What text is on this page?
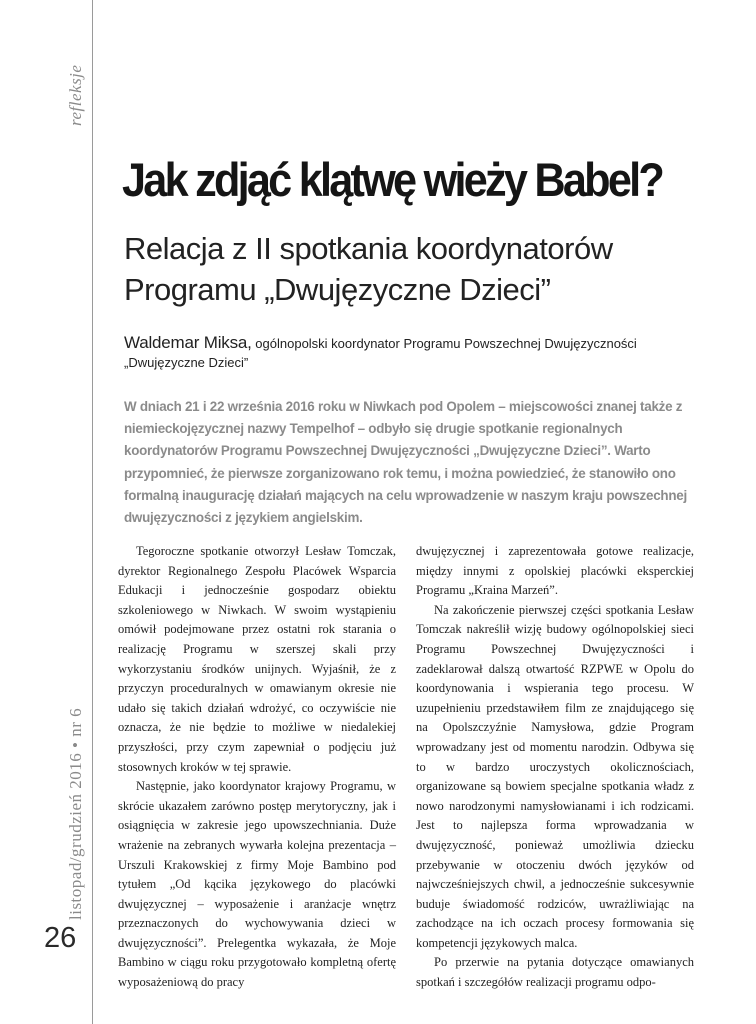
refleksje
listopad/grudzień 2016 • nr 6
26
Jak zdjąć klątwę wieży Babel?
Relacja z II spotkania koordynatorów
Programu „Dwujęzyczne Dzieci”
Waldemar Miksa, ogólnopolski koordynator Programu Powszechnej Dwujęzyczności
„Dwujęzyczne Dzieci”
W dniach 21 i 22 września 2016 roku w Niwkach pod Opolem – miejscowości znanej także z niemieckojęzycznej nazwy Tempelhof – odbyło się drugie spotkanie regionalnych koordynatorów Programu Powszechnej Dwujęzyczności „Dwujęzyczne Dzieci”. Warto przypomnieć, że pierwsze zorganizowano rok temu, i można powiedzieć, że stanowiło ono formalną inaugurację działań mających na celu wprowadzenie w naszym kraju powszechnej dwujęzyczności z językiem angielskim.

Tegoroczne spotkanie otworzył Lesław Tomczak, dyrektor Regionalnego Zespołu Placówek Wsparcia Edukacji i jednocześnie gospodarz obiektu szkoleniowego w Niwkach. W swoim wystąpieniu omówił podejmowane przez ostatni rok starania o realizację Programu w szerszej skali przy wykorzystaniu środków unijnych. Wyjaśnił, że z przyczyn proceduralnych w omawianym okresie nie udało się takich działań wdrożyć, co oczywiście nie oznacza, że nie będzie to możliwe w niedalekiej przyszłości, przy czym zapewniał o podjęciu już stosownych kroków w tej sprawie.

Następnie, jako koordynator krajowy Programu, w skrócie ukazałem zarówno postęp merytoryczny, jak i osiągnięcia w zakresie jego upowszechniania. Duże wrażenie na zebranych wywarła kolejna prezentacja – Urszuli Krakowskiej z firmy Moje Bambino pod tytułem „Od kącika językowego do placówki dwujęzycznej – wyposażenie i aranżacje wnętrz przeznaczonych do wychowywania dzieci w dwujęzyczności”. Prelegentka wykazała, że Moje Bambino w ciągu roku przygotowało kompletną ofertę wyposażeniową do pracy

dwujęzycznej i zaprezentowała gotowe realizacje, między innymi z opolskiej placówki eksperckiej Programu „Kraina Marzeń”.

Na zakończenie pierwszej części spotkania Lesław Tomczak nakreślił wizję budowy ogólnopolskiej sieci Programu Powszechnej Dwujęzyczności i zadeklarował dalszą otwartość RZPWE w Opolu do koordynowania i wspierania tego procesu. W uzupełnieniu przedstawiłem film ze znajdującego się na Opolszczyźnie Namysłowa, gdzie Program wprowadzany jest od momentu narodzin. Odbywa się to w bardzo uroczystych okolicznościach, organizowane są bowiem specjalne spotkania władz z nowo narodzonymi namysłowianami i ich rodzicami. Jest to najlepsza forma wprowadzania w dwujęzyczność, ponieważ umożliwia dziecku przebywanie w otoczeniu dwóch języków od najwcześniejszych chwil, a jednocześnie sukcesywnie buduje świadomość rodziców, uwrażliwiając na zachodzące na ich oczach procesy formowania się kompetencji językowych malca.

Po przerwie na pytania dotyczące omawianych spotkań i szczegółów realizacji programu odpo-
